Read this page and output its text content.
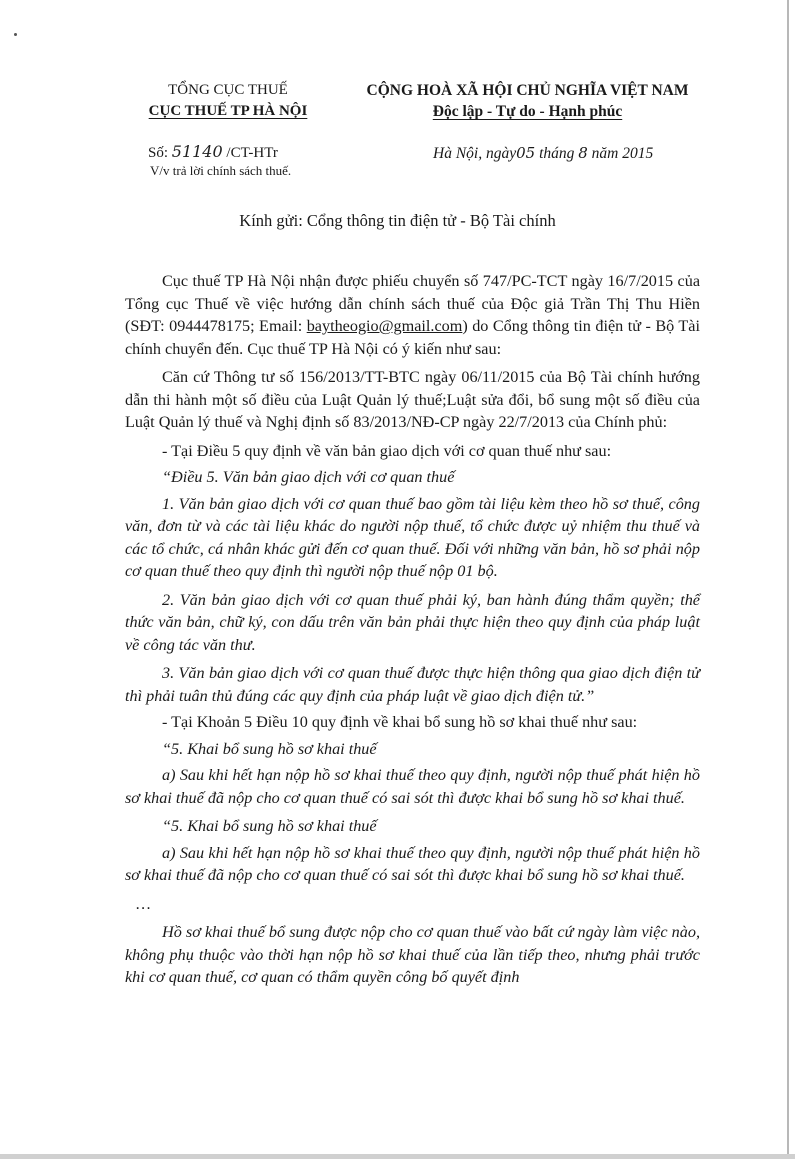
TỔNG CỤC THUẾ
CỤC THUẾ TP HÀ NỘI
CỘNG HOÀ XÃ HỘI CHỦ NGHĨA VIỆT NAM
Độc lập - Tự do - Hạnh phúc
Số: 51140 /CT-HTr
V/v trả lời chính sách thuế.
Hà Nội, ngày05 tháng 8 năm 2015
Kính gửi: Cổng thông tin điện tử - Bộ Tài chính

Cục thuế TP Hà Nội nhận được phiếu chuyển số 747/PC-TCT ngày 16/7/2015 của Tổng cục Thuế về việc hướng dẫn chính sách thuế của Độc giả Trần Thị Thu Hiền (SĐT: 0944478175; Email: baytheogio@gmail.com) do Cổng thông tin điện tử - Bộ Tài chính chuyển đến. Cục thuế TP Hà Nội có ý kiến như sau:

Căn cứ Thông tư số 156/2013/TT-BTC ngày 06/11/2015 của Bộ Tài chính hướng dẫn thi hành một số điều của Luật Quản lý thuế;Luật sửa đổi, bổ sung một số điều của Luật Quản lý thuế và Nghị định số 83/2013/NĐ-CP ngày 22/7/2013 của Chính phủ:

- Tại Điều 5 quy định về văn bản giao dịch với cơ quan thuế như sau:

“Điều 5. Văn bản giao dịch với cơ quan thuế

1. Văn bản giao dịch với cơ quan thuế bao gồm tài liệu kèm theo hồ sơ thuế, công văn, đơn từ và các tài liệu khác do người nộp thuế, tổ chức được uỷ nhiệm thu thuế và các tổ chức, cá nhân khác gửi đến cơ quan thuế. Đối với những văn bản, hồ sơ phải nộp cơ quan thuế theo quy định thì người nộp thuế nộp 01 bộ.

2. Văn bản giao dịch với cơ quan thuế phải ký, ban hành đúng thẩm quyền; thể thức văn bản, chữ ký, con dấu trên văn bản phải thực hiện theo quy định của pháp luật về công tác văn thư.

3. Văn bản giao dịch với cơ quan thuế được thực hiện thông qua giao dịch điện tử thì phải tuân thủ đúng các quy định của pháp luật về giao dịch điện tử.”

- Tại Khoản 5 Điều 10 quy định về khai bổ sung hồ sơ khai thuế như sau:

“5. Khai bổ sung hồ sơ khai thuế

a) Sau khi hết hạn nộp hồ sơ khai thuế theo quy định, người nộp thuế phát hiện hồ sơ khai thuế đã nộp cho cơ quan thuế có sai sót thì được khai bổ sung hồ sơ khai thuế.

“5. Khai bổ sung hồ sơ khai thuế

a) Sau khi hết hạn nộp hồ sơ khai thuế theo quy định, người nộp thuế phát hiện hồ sơ khai thuế đã nộp cho cơ quan thuế có sai sót thì được khai bổ sung hồ sơ khai thuế.

…

Hồ sơ khai thuế bổ sung được nộp cho cơ quan thuế vào bất cứ ngày làm việc nào, không phụ thuộc vào thời hạn nộp hồ sơ khai thuế của lần tiếp theo, nhưng phải trước khi cơ quan thuế, cơ quan có thẩm quyền công bố quyết định
